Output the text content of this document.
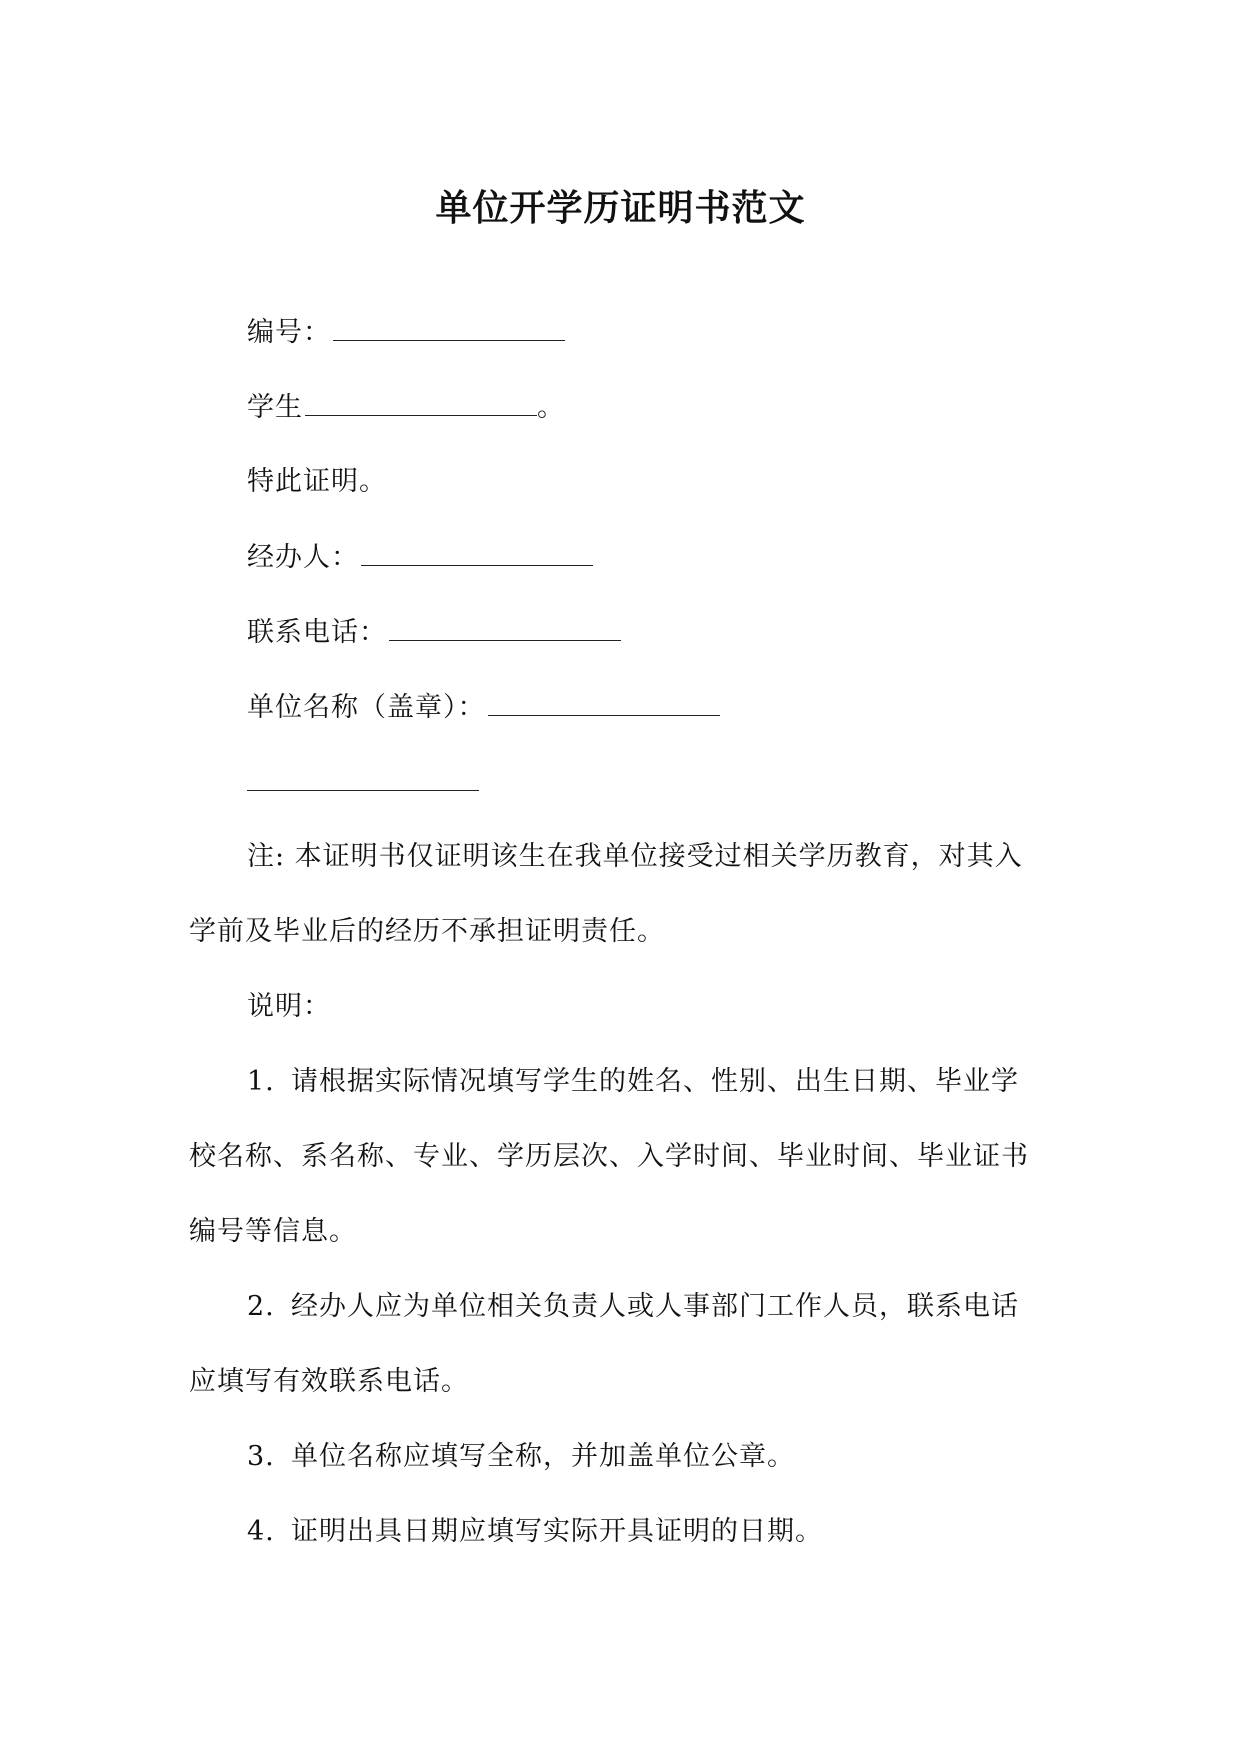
单位开学历证明书范文
编号：
学生	。
特此证明。
经办人：
联系电话：
单位名称（盖章）：
注: 本证明书仅证明该生在我单位接受过相关学历教育，对其入
学前及毕业后的经历不承担证明责任。
说明：
1. 请根据实际情况填写学生的姓名、性别、出生日期、毕业学
校名称、系名称、专业、学历层次、入学时间、毕业时间、毕业证书
编号等信息。
2. 经办人应为单位相关负责人或人事部门工作人员，联系电话
应填写有效联系电话。
3. 单位名称应填写全称，并加盖单位公章。
4. 证明出具日期应填写实际开具证明的日期。
